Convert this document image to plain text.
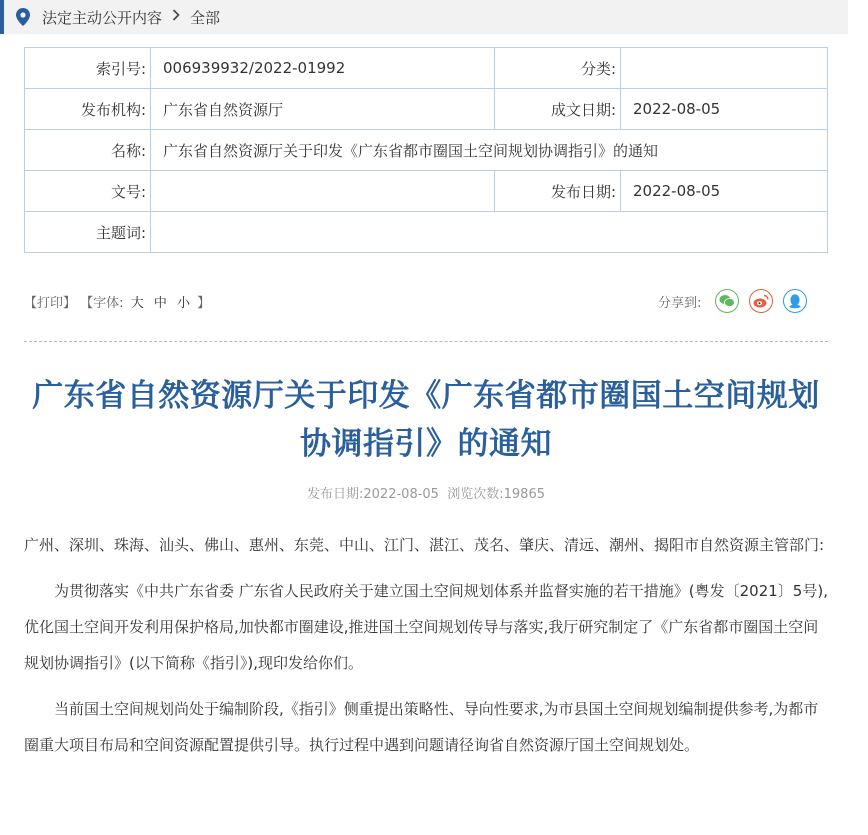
法定主动公开内容 全部
索引号:	006939932/2022-01992	分类:	
发布机构:	广东省自然资源厅	成文日期:	2022-08-05
名称:	广东省自然资源厅关于印发《广东省都市圈国土空间规划协调指引》的通知		
文号:		发布日期:	2022-08-05
主题词:			
【打印】 【字体: 大 中 小 】	分享到:
广东省自然资源厅关于印发《广东省都市圈国土空间规划
协调指引》的通知
发布日期:2022-08-05 浏览次数:19865

广州、深圳、珠海、汕头、佛山、惠州、东莞、中山、江门、湛江、茂名、肇庆、清远、潮州、揭阳市自然资源主管部门:

为贯彻落实《中共广东省委 广东省人民政府关于建立国土空间规划体系并监督实施的若干措施》(粤发〔2021〕5号),优化国土空间开发利用保护格局,加快都市圈建设,推进国土空间规划传导与落实,我厅研究制定了《广东省都市圈国土空间规划协调指引》(以下简称《指引》),现印发给你们。

当前国土空间规划尚处于编制阶段,《指引》侧重提出策略性、导向性要求,为市县国土空间规划编制提供参考,为都市圈重大项目布局和空间资源配置提供引导。执行过程中遇到问题请径询省自然资源厅国土空间规划处。
